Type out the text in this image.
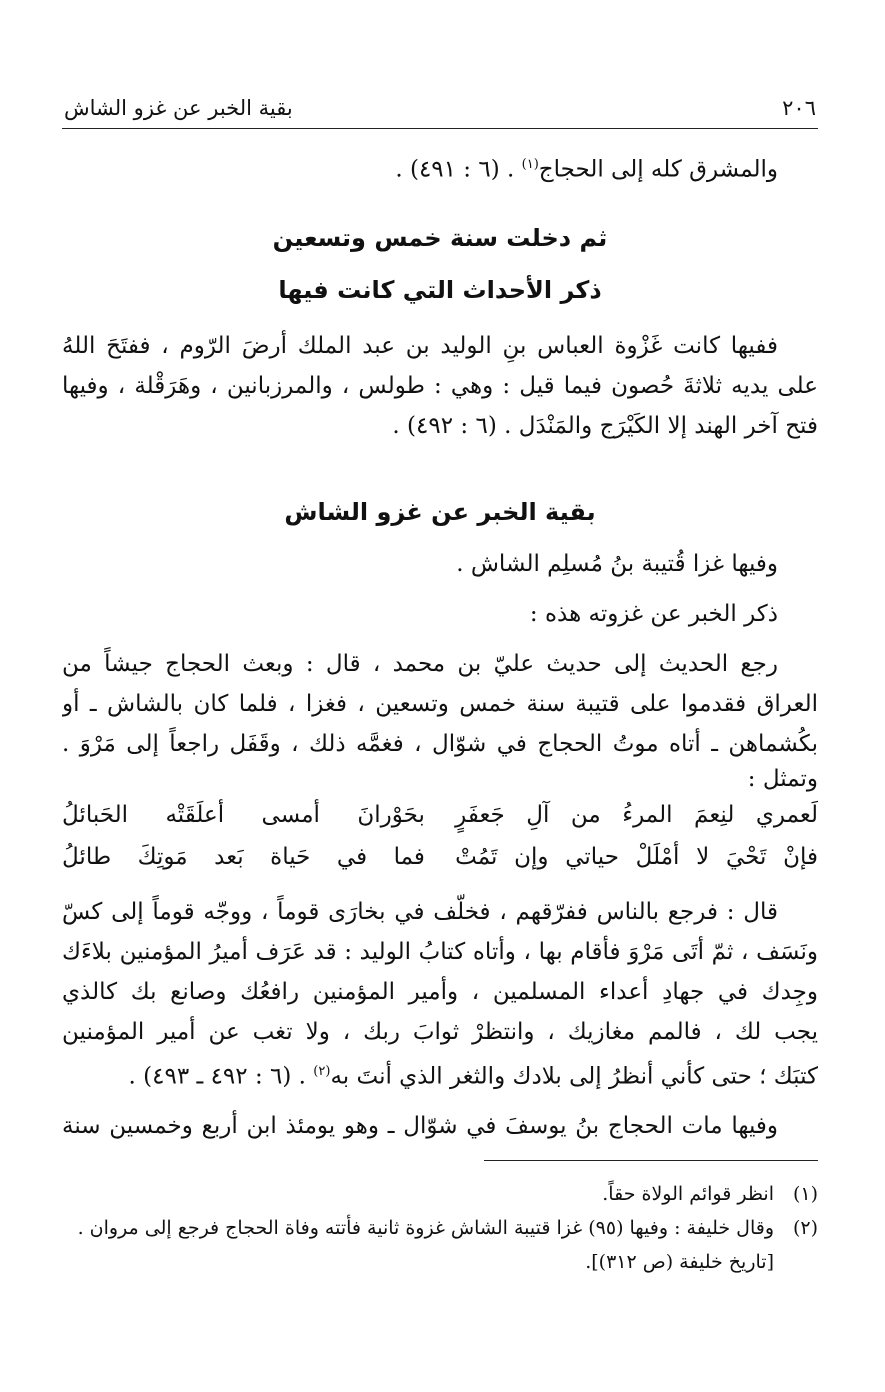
٢٠٦
بقية الخبر عن غزو الشاش
والمشرق كله إلى الحجاج$^{(١)}$ . (٦ : ٤٩١) .
ثم دخلت سنة خمس وتسعين
ذكر الأحداث التي كانت فيها
ففيها كانت غَزْوة العباس بنِ الوليد بن عبد الملك أرضَ الرّوم ، ففتَحَ اللهُ
على يديه ثلاثةَ حُصون فيما قيل : وهي : طولس ، والمرزبانين ، وهَرَقْلة ، وفيها
فتح آخر الهند إلا الكَيْرَج والمَنْدَل . (٦ : ٤٩٢) .
بقية الخبر عن غزو الشاش
وفيها غزا قُتيبة بنُ مُسلِم الشاش .
ذكر الخبر عن غزوته هذه :
رجع الحديث إلى حديث عليّ بن محمد ، قال : وبعث الحجاج جيشاً من
العراق فقدموا على قتيبة سنة خمس وتسعين ، فغزا ، فلما كان بالشاش ـ أو
بكُشماهن ـ أتاه موتُ الحجاج في شوّال ، فغمَّه ذلك ، وقَفَل راجعاً إلى مَرْوَ .
وتمثل :
لَعمري لنِعمَ المرءُ من آلِ جَعفَرٍ
بحَوْرانَ أمسى أعلَقَتْه الحَبائلُ
فإنْ تَحْيَ لا أمْلَلْ حياتي وإن تَمُتْ
فما في حَياة بَعد مَوتِكَ طائلُ
قال : فرجع بالناس ففرّقهم ، فخلّف في بخارَى قوماً ، ووجّه قوماً إلى كسّ
ونَسَف ، ثمّ أتَى مَرْوَ فأقام بها ، وأتاه كتابُ الوليد : قد عَرَف أميرُ المؤمنين بلاءَك
وجِدك في جهادِ أعداء المسلمين ، وأمير المؤمنين رافعُك وصانع بك كالذي
يجب لك ، فالمم مغازيك ، وانتظرْ ثوابَ ربك ، ولا تغب عن أمير المؤمنين
كتبَك ؛ حتى كأني أنظرُ إلى بلادك والثغر الذي أنتَ به$^{(٢)}$ . (٦ : ٤٩٢ ـ ٤٩٣) .
وفيها مات الحجاج بنُ يوسفَ في شوّال ـ وهو يومئذ ابن أربع وخمسين سنة
(١)
انظر قوائم الولاة حقاً.
(٢)
وقال خليفة : وفيها (٩٥) غزا قتيبة الشاش غزوة ثانية فأتته وفاة الحجاج فرجع إلى مروان .
[تاريخ خليفة (ص ٣١٢)].
